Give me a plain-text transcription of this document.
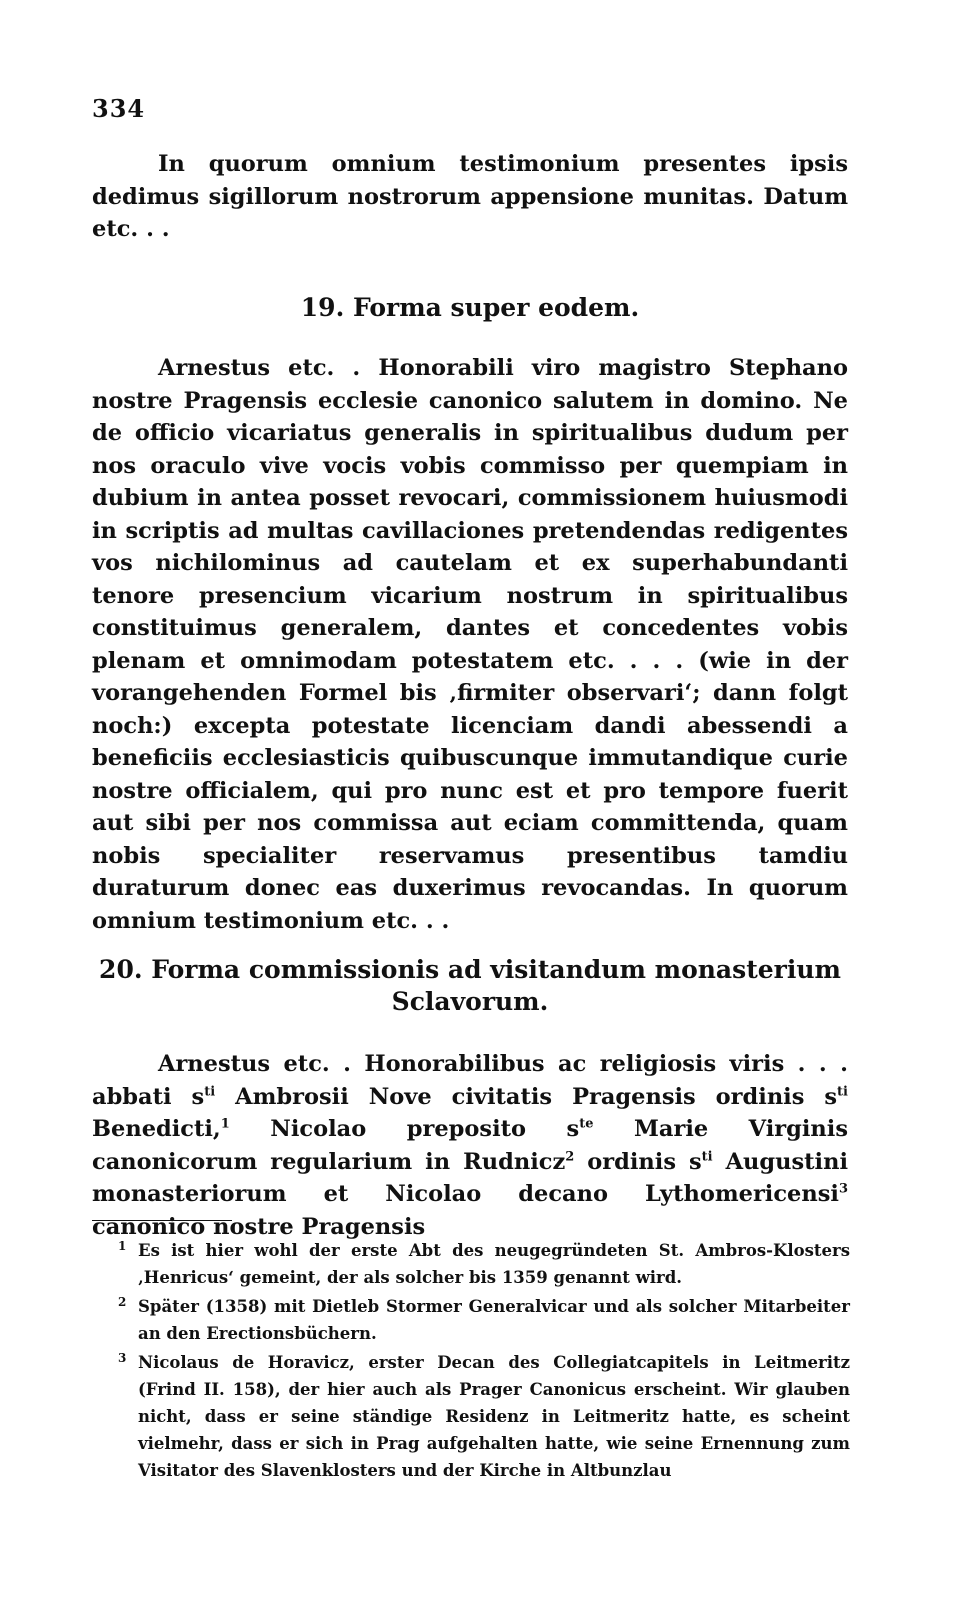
334

In quorum omnium testimonium presentes ipsis dedimus sigillorum nostrorum appensione munitas. Datum etc. . .

19. Forma super eodem.

Arnestus etc. . Honorabili viro magistro Stephano nostre Pragensis ecclesie canonico salutem in domino. Ne de officio vicariatus generalis in spiritualibus dudum per nos oraculo vive vocis vobis commisso per quempiam in dubium in antea posset revocari, commissionem huiusmodi in scriptis ad multas cavillaciones pretendendas redigentes vos nichilominus ad cautelam et ex superhabundanti tenore presencium vicarium nostrum in spiritualibus constituimus generalem, dantes et concedentes vobis plenam et omnimodam potestatem etc. . . . (wie in der vorangehenden Formel bis ‚firmiter observari‘; dann folgt noch:) excepta potestate licenciam dandi abessendi a beneficiis ecclesiasticis quibuscunque immutandique curie nostre officialem, qui pro nunc est et pro tempore fuerit aut sibi per nos commissa aut eciam committenda, quam nobis specialiter reservamus presentibus tamdiu duraturum donec eas duxerimus revocandas. In quorum omnium testimonium etc. . .

20. Forma commissionis ad visitandum monasterium Sclavorum.

Arnestus etc. . Honorabilibus ac religiosis viris . . . abbati $s^{ti}$ Ambrosii Nove civitatis Pragensis ordinis $s^{ti}$ Benedicti,$^1$ Nicolao preposito $s^{te}$ Marie Virginis canonicorum regularium in Rudnicz$^2$ ordinis $s^{ti}$ Augustini monasteriorum et Nicolao decano Lythomericensi$^3$ canonico nostre Pragensis

1 Es ist hier wohl der erste Abt des neugegründeten St. Ambros-Klosters ‚Henricus‘ gemeint, der als solcher bis 1359 genannt wird.

2 Später (1358) mit Dietleb Stormer Generalvicar und als solcher Mitarbeiter an den Erectionsbüchern.

3 Nicolaus de Horavicz, erster Decan des Collegiatcapitels in Leitmeritz (Frind II. 158), der hier auch als Prager Canonicus erscheint. Wir glauben nicht, dass er seine ständige Residenz in Leitmeritz hatte, es scheint vielmehr, dass er sich in Prag aufgehalten hatte, wie seine Ernennung zum Visitator des Slavenklosters und der Kirche in Altbunzlau
